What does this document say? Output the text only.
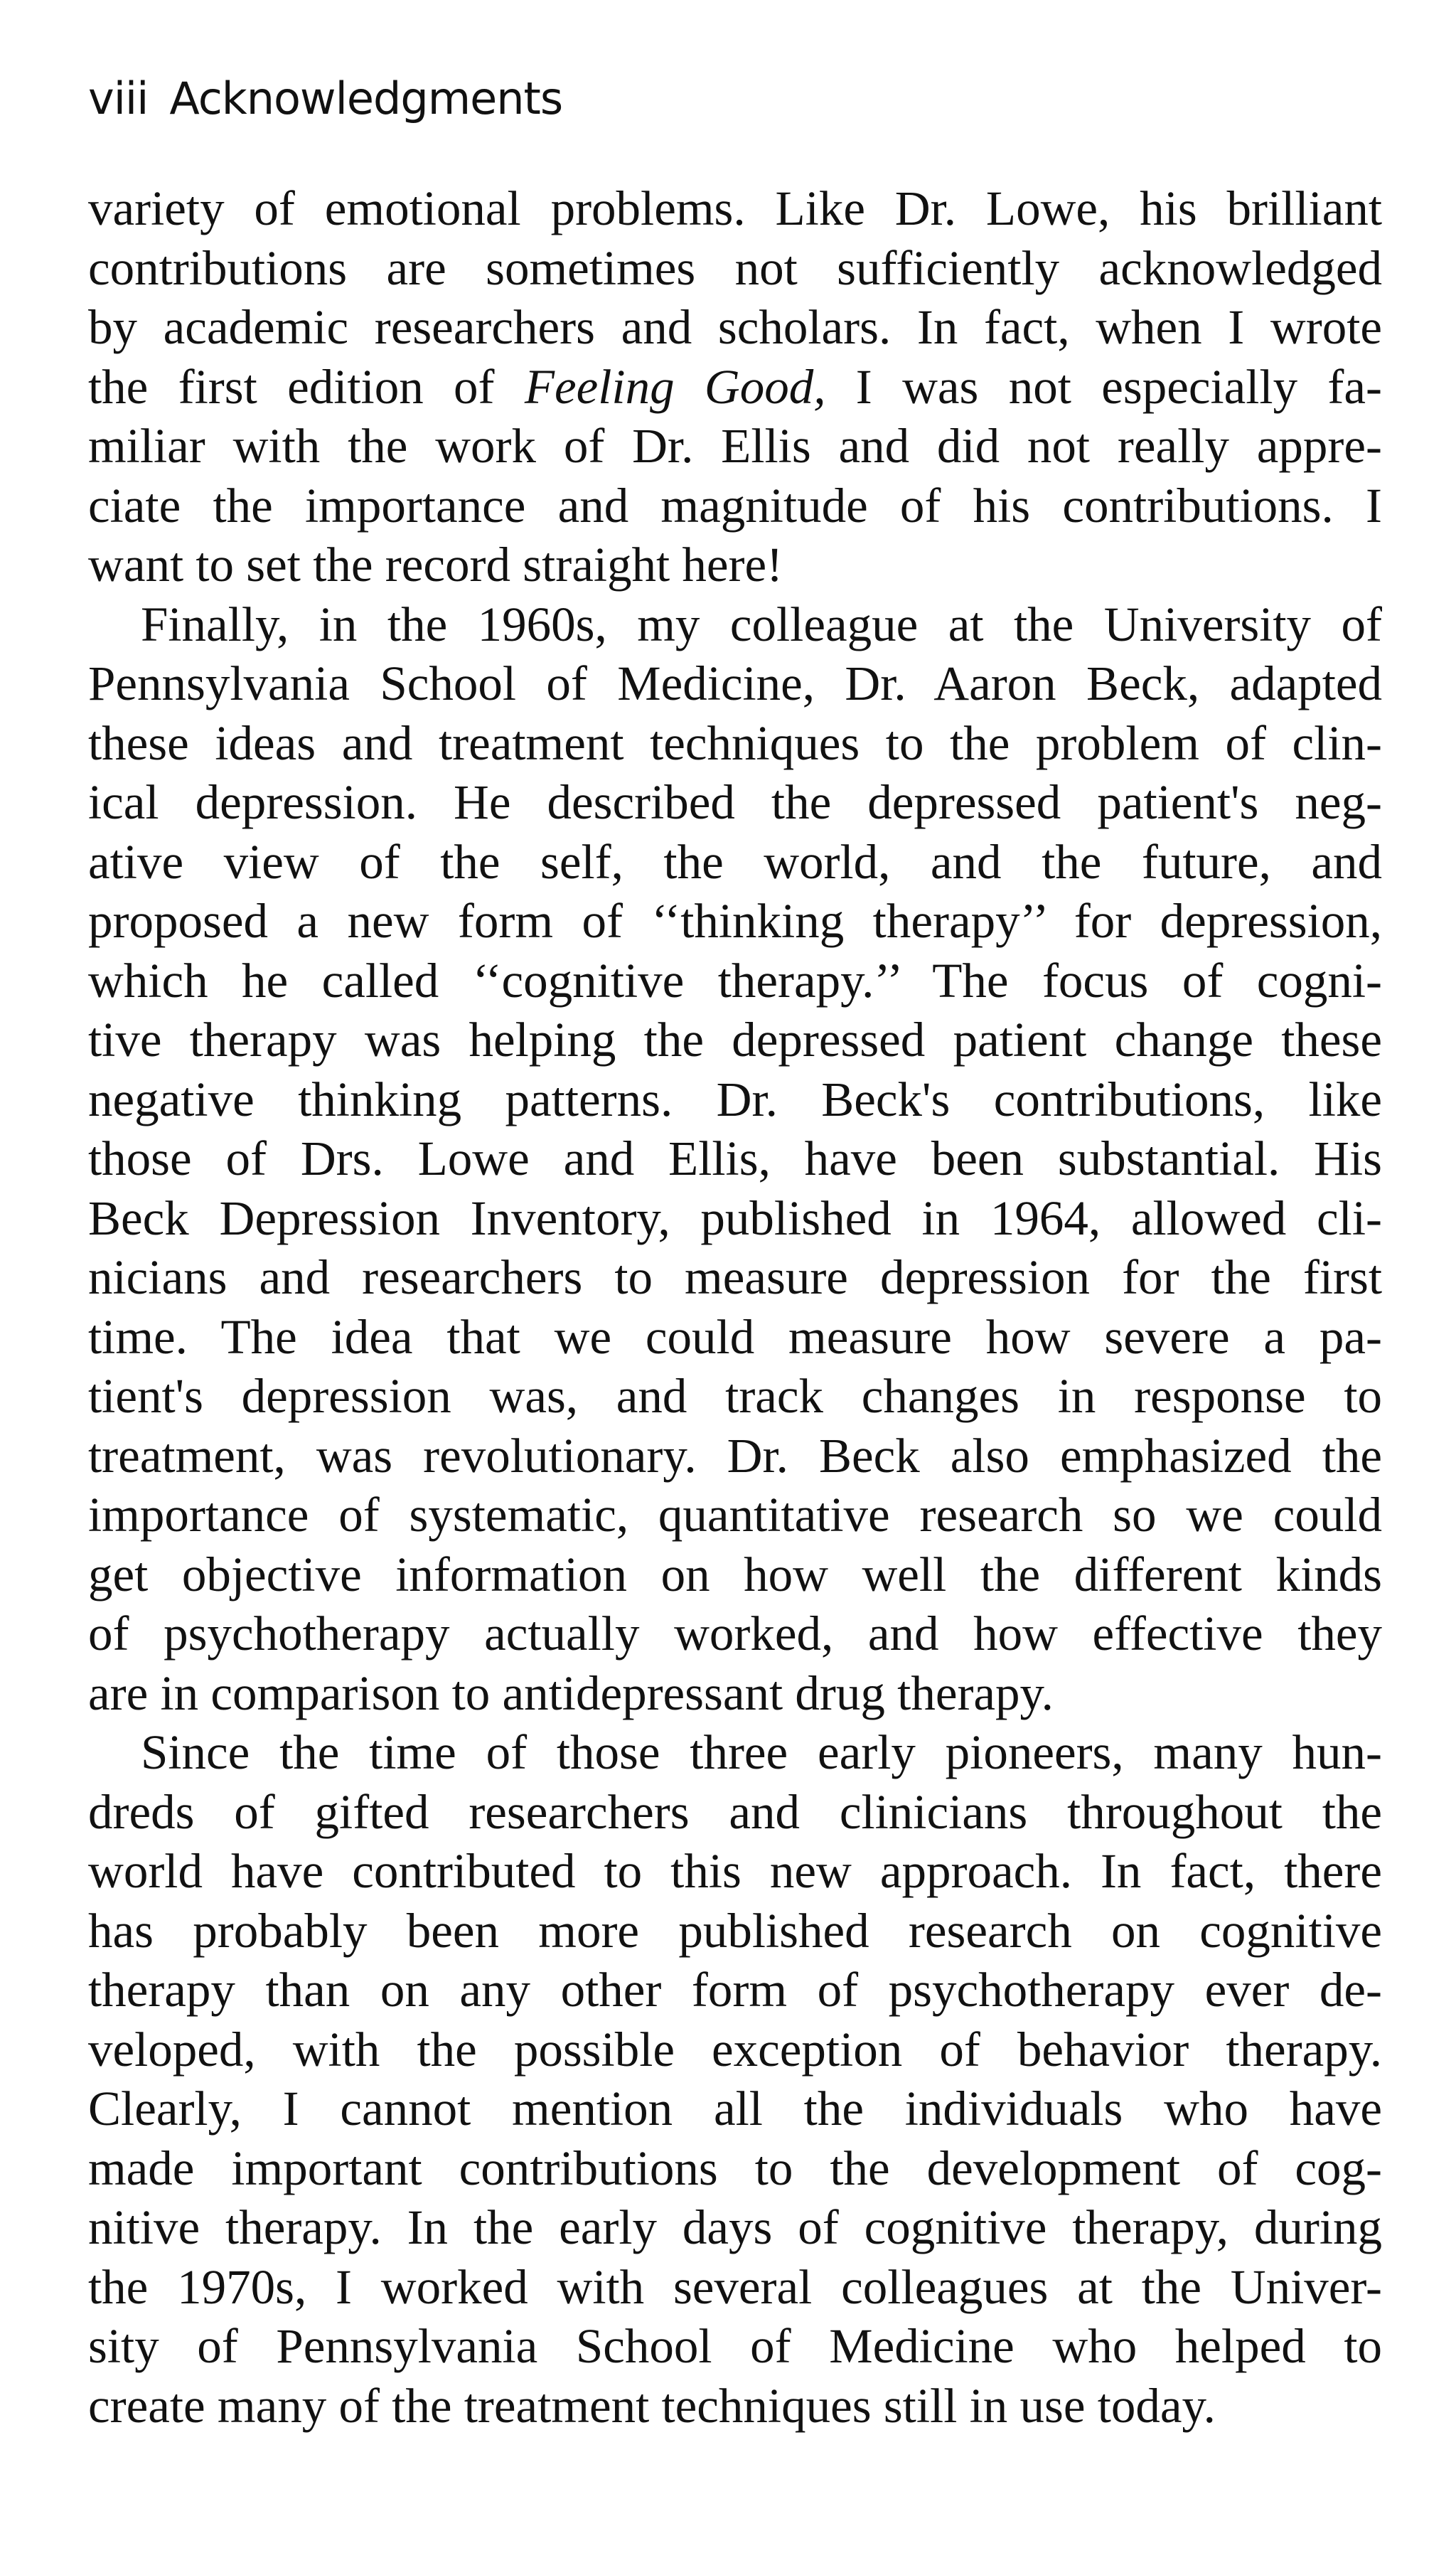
viii Acknowledgments
variety of emotional problems. Like Dr. Lowe, his brilliant
contributions are sometimes not sufficiently acknowledged
by academic researchers and scholars. In fact, when I wrote
the first edition of Feeling Good, I was not especially fa-
miliar with the work of Dr. Ellis and did not really appre-
ciate the importance and magnitude of his contributions. I
want to set the record straight here!
Finally, in the 1960s, my colleague at the University of
Pennsylvania School of Medicine, Dr. Aaron Beck, adapted
these ideas and treatment techniques to the problem of clin-
ical depression. He described the depressed patient's neg-
ative view of the self, the world, and the future, and
proposed a new form of ‘‘thinking therapy’’ for depression,
which he called ‘‘cognitive therapy.’’ The focus of cogni-
tive therapy was helping the depressed patient change these
negative thinking patterns. Dr. Beck's contributions, like
those of Drs. Lowe and Ellis, have been substantial. His
Beck Depression Inventory, published in 1964, allowed cli-
nicians and researchers to measure depression for the first
time. The idea that we could measure how severe a pa-
tient's depression was, and track changes in response to
treatment, was revolutionary. Dr. Beck also emphasized the
importance of systematic, quantitative research so we could
get objective information on how well the different kinds
of psychotherapy actually worked, and how effective they
are in comparison to antidepressant drug therapy.
Since the time of those three early pioneers, many hun-
dreds of gifted researchers and clinicians throughout the
world have contributed to this new approach. In fact, there
has probably been more published research on cognitive
therapy than on any other form of psychotherapy ever de-
veloped, with the possible exception of behavior therapy.
Clearly, I cannot mention all the individuals who have
made important contributions to the development of cog-
nitive therapy. In the early days of cognitive therapy, during
the 1970s, I worked with several colleagues at the Univer-
sity of Pennsylvania School of Medicine who helped to
create many of the treatment techniques still in use today.
